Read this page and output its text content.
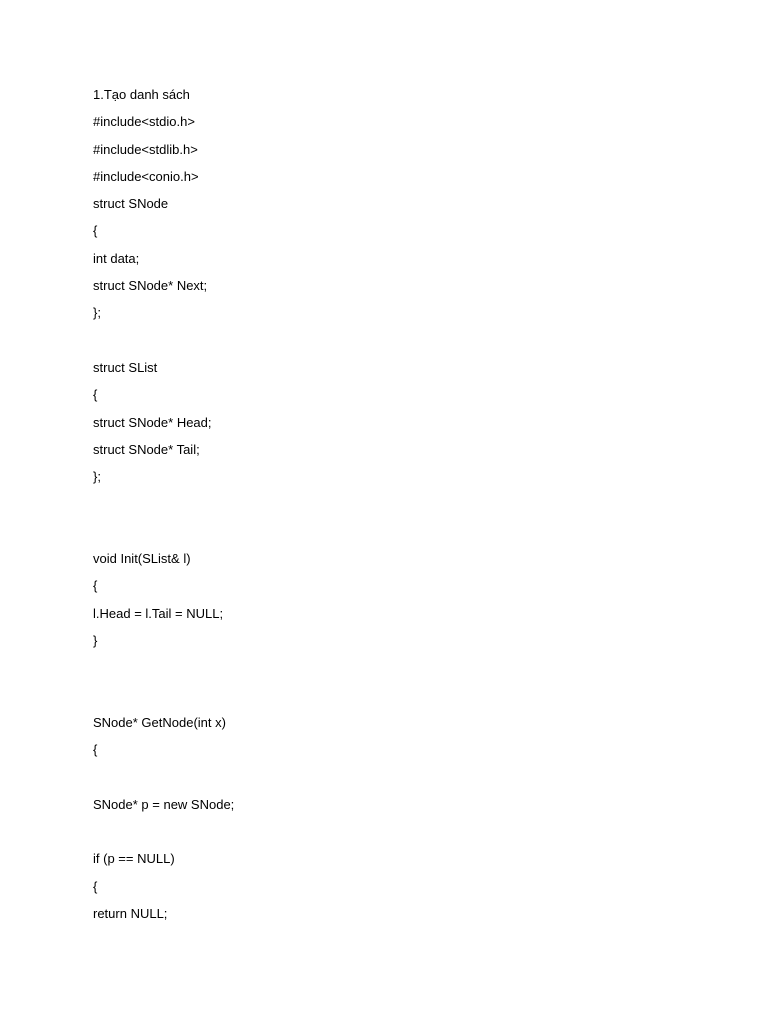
1.Tạo danh sách

#include<stdio.h>

#include<stdlib.h>

#include<conio.h>

struct SNode

{

int data;

struct SNode* Next;

};

struct SList

{

struct SNode* Head;

struct SNode* Tail;

};

void Init(SList& l)

{

l.Head = l.Tail = NULL;

}

SNode* GetNode(int x)

{

SNode* p = new SNode;

if (p == NULL)

{

return NULL;
